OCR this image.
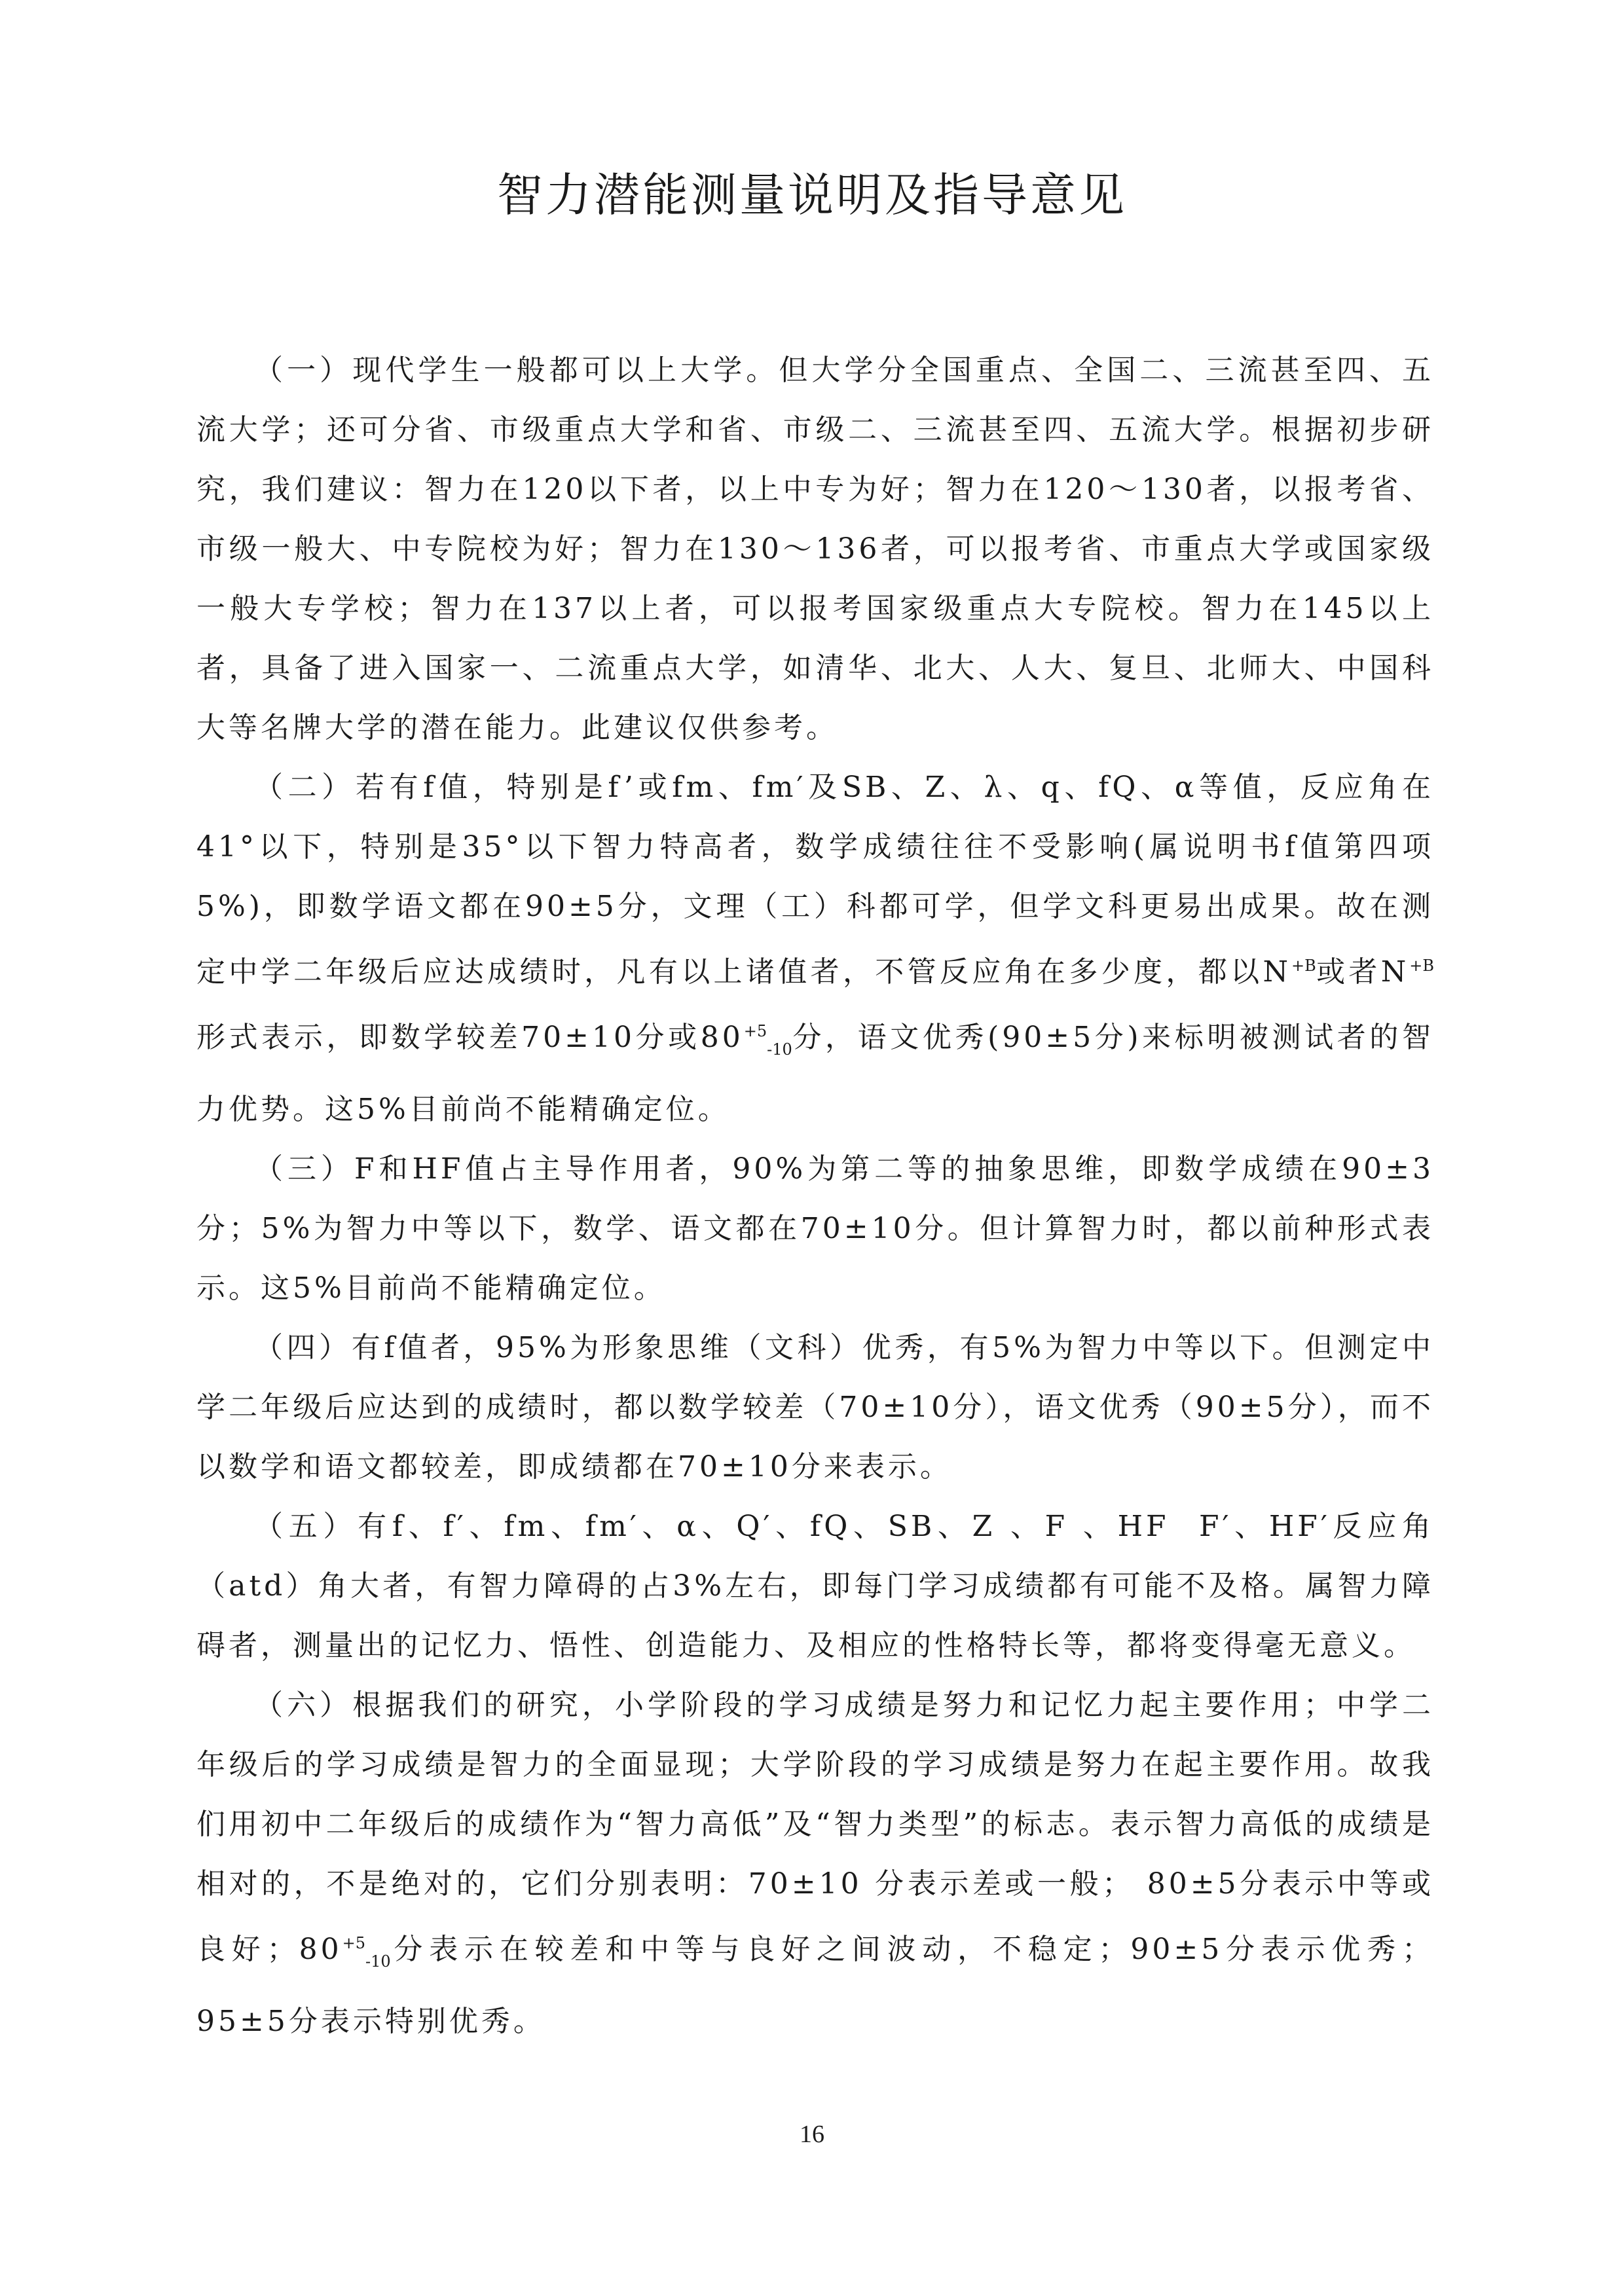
智力潜能测量说明及指导意见

（一）现代学生一般都可以上大学。但大学分全国重点、全国二、三流甚至四、五流大学；还可分省、市级重点大学和省、市级二、三流甚至四、五流大学。根据初步研究，我们建议：智力在120以下者，以上中专为好；智力在120～130者，以报考省、市级一般大、中专院校为好；智力在130～136者，可以报考省、市重点大学或国家级一般大专学校；智力在137以上者，可以报考国家级重点大专院校。智力在145以上者，具备了进入国家一、二流重点大学，如清华、北大、人大、复旦、北师大、中国科大等名牌大学的潜在能力。此建议仅供参考。

（二）若有f值，特别是f’或fm、fm′及SB、Z、λ、q、fQ、α等值，反应角在41°以下，特别是35°以下智力特高者，数学成绩往往不受影响(属说明书f值第四项5%)，即数学语文都在90±5分，文理（工）科都可学，但学文科更易出成果。故在测定中学二年级后应达成绩时，凡有以上诸值者，不管反应角在多少度，都以$N^{+B}$或者$N^{+B}$形式表示，即数学较差70±10分或$80^{+5}_{-10}$分，语文优秀(90±5分)来标明被测试者的智力优势。这5%目前尚不能精确定位。

（三）F和HF值占主导作用者，90%为第二等的抽象思维，即数学成绩在90±3分；5%为智力中等以下，数学、语文都在70±10分。但计算智力时，都以前种形式表示。这5%目前尚不能精确定位。

（四）有f值者，95%为形象思维（文科）优秀，有5%为智力中等以下。但测定中学二年级后应达到的成绩时，都以数学较差（70±10分），语文优秀（90±5分），而不以数学和语文都较差，即成绩都在70±10分来表示。

（五）有f、f′、fm、fm′、α、Q′、fQ、SB、Z 、F 、HF  F′、HF′反应角（atd）角大者，有智力障碍的占3%左右，即每门学习成绩都有可能不及格。属智力障碍者，测量出的记忆力、悟性、创造能力、及相应的性格特长等，都将变得毫无意义。

（六）根据我们的研究，小学阶段的学习成绩是努力和记忆力起主要作用；中学二年级后的学习成绩是智力的全面显现；大学阶段的学习成绩是努力在起主要作用。故我们用初中二年级后的成绩作为“智力高低”及“智力类型”的标志。表示智力高低的成绩是相对的，不是绝对的，它们分别表明：70±10 分表示差或一般； 80±5分表示中等或良好；$80^{+5}_{-10}$分表示在较差和中等与良好之间波动，不稳定；90±5分表示优秀；95±5分表示特别优秀。

16
